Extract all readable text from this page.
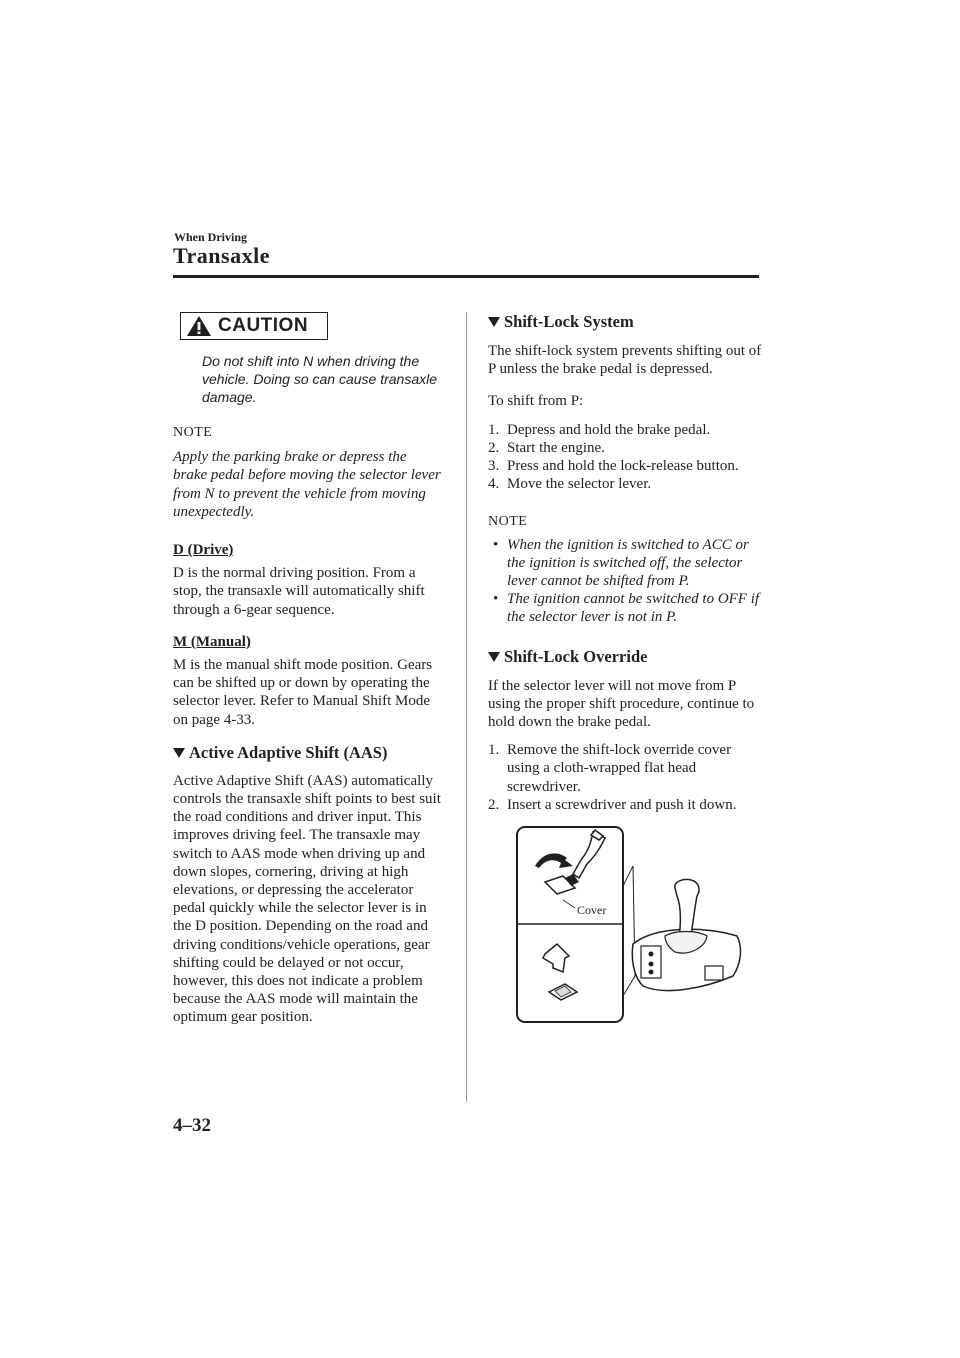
When Driving
Transaxle
CAUTION

Do not shift into N when driving the vehicle. Doing so can cause transaxle damage.

NOTE

Apply the parking brake or depress the brake pedal before moving the selector lever from N to prevent the vehicle from moving unexpectedly.

D (Drive)

D is the normal driving position. From a stop, the transaxle will automatically shift through a 6-gear sequence.

M (Manual)

M is the manual shift mode position. Gears can be shifted up or down by operating the selector lever. Refer to Manual Shift Mode on page 4-33.

Active Adaptive Shift (AAS)

Active Adaptive Shift (AAS) automatically controls the transaxle shift points to best suit the road conditions and driver input. This improves driving feel. The transaxle may switch to AAS mode when driving up and down slopes, cornering, driving at high elevations, or depressing the accelerator pedal quickly while the selector lever is in the D position. Depending on the road and driving conditions/vehicle operations, gear shifting could be delayed or not occur, however, this does not indicate a problem because the AAS mode will maintain the optimum gear position.

Shift-Lock System

The shift-lock system prevents shifting out of P unless the brake pedal is depressed.

To shift from P:

1. Depress and hold the brake pedal.
2. Start the engine.
3. Press and hold the lock-release button.
4. Move the selector lever.

NOTE

• When the ignition is switched to ACC or the ignition is switched off, the selector lever cannot be shifted from P.
• The ignition cannot be switched to OFF if the selector lever is not in P.
Shift-Lock Override

If the selector lever will not move from P using the proper shift procedure, continue to hold down the brake pedal.

1. Remove the shift-lock override cover using a cloth-wrapped flat head screwdriver.
2. Insert a screwdriver and push it down.
Cover
4–32
